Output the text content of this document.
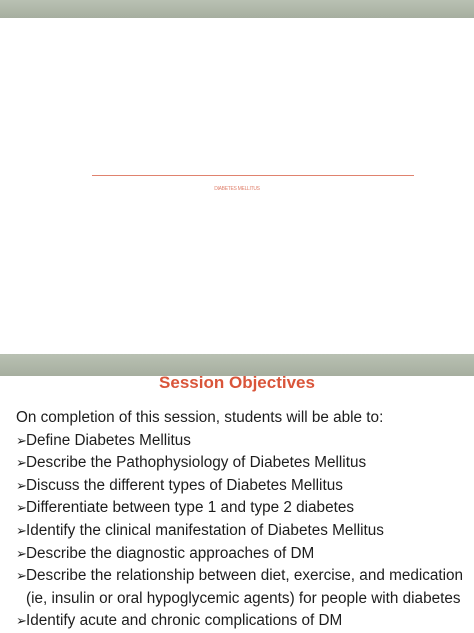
DIABETES MELLITUS
Session Objectives

On completion of this session, students will be able to:

➢ Define Diabetes Mellitus
➢ Describe the Pathophysiology of Diabetes Mellitus
➢ Discuss the different types of Diabetes Mellitus
➢ Differentiate between type 1 and type 2 diabetes
➢ Identify the clinical manifestation of Diabetes Mellitus
➢ Describe the diagnostic approaches of DM
➢ Describe the relationship between diet, exercise, and medication (ie, insulin or oral hypoglycemic agents) for people with diabetes
➢ Identify acute and chronic complications of DM
